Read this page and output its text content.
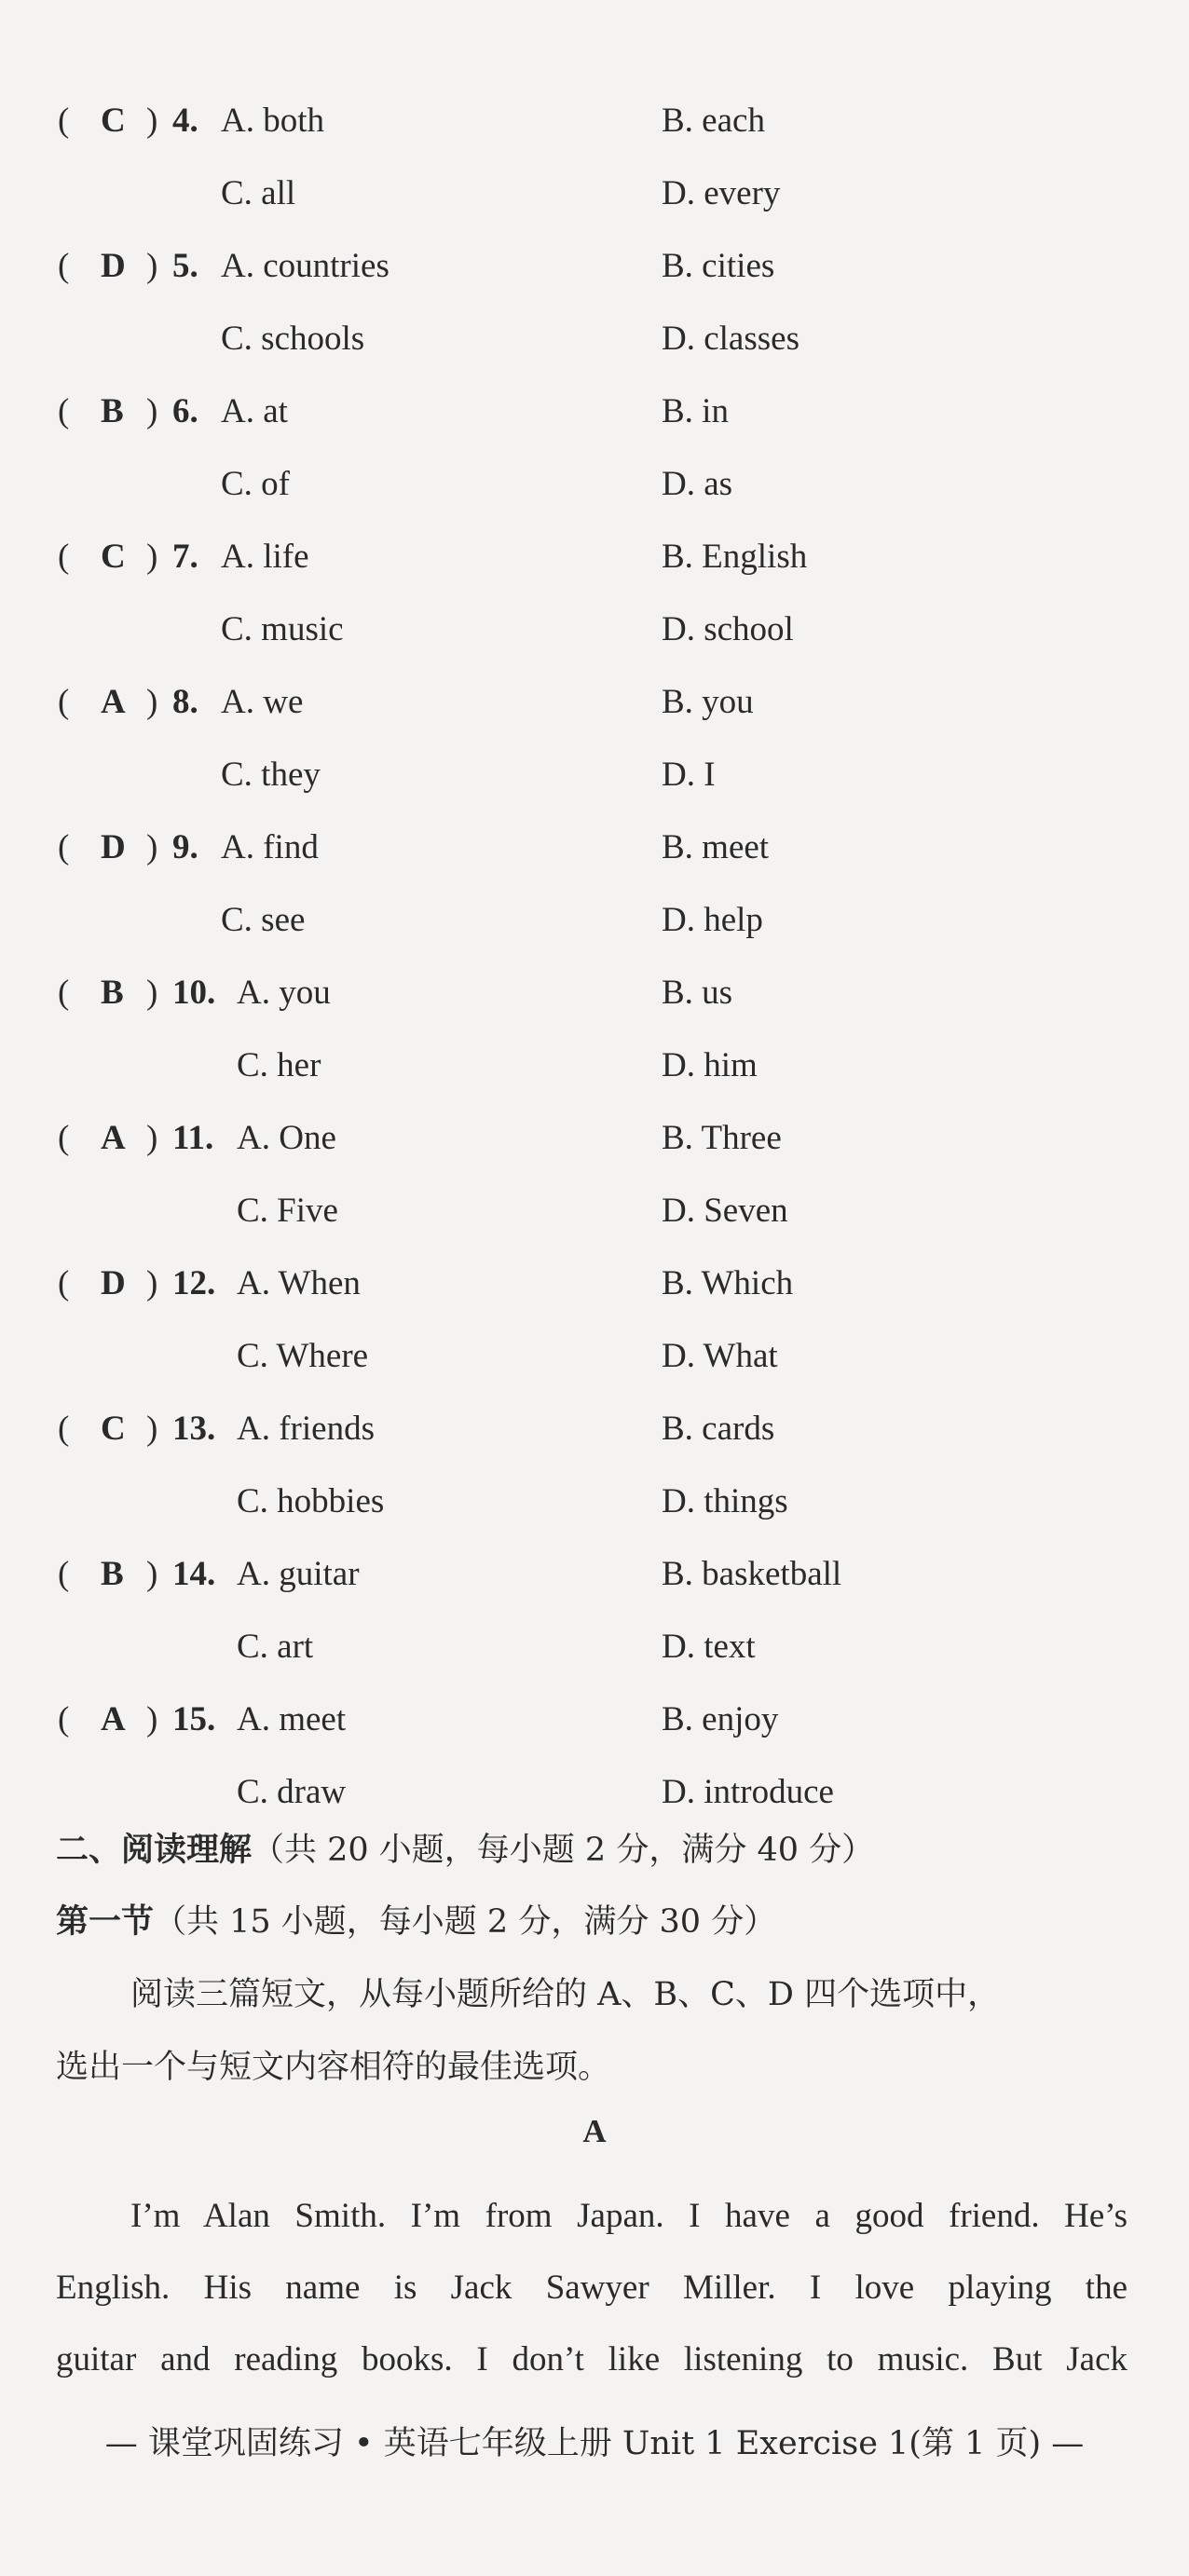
( C ) 4. A. both	B. each
C. all	D. every
( D ) 5. A. countries	B. cities
C. schools	D. classes
( B ) 6. A. at	B. in
C. of	D. as
( C ) 7. A. life	B. English
C. music	D. school
( A ) 8. A. we	B. you
C. they	D. I
( D ) 9. A. find	B. meet
C. see	D. help
( B ) 10. A. you	B. us
C. her	D. him
( A ) 11. A. One	B. Three
C. Five	D. Seven
( D ) 12. A. When	B. Which
C. Where	D. What
( C ) 13. A. friends	B. cards
C. hobbies	D. things
( B ) 14. A. guitar	B. basketball
C. art	D. text
( A ) 15. A. meet	B. enjoy
C. draw	D. introduce
二、阅读理解（共 20 小题，每小题 2 分，满分 40 分）
第一节（共 15 小题，每小题 2 分，满分 30 分）
阅读三篇短文，从每小题所给的 A、B、C、D 四个选项中，
选出一个与短文内容相符的最佳选项。
A
I’m Alan Smith. I’m from Japan. I have a good friend. He’s
English. His name is Jack Sawyer Miller. I love playing the
guitar and reading books. I don’t like listening to music. But Jack
— 课堂巩固练习 • 英语七年级上册 Unit 1 Exercise 1(第 1 页) —
